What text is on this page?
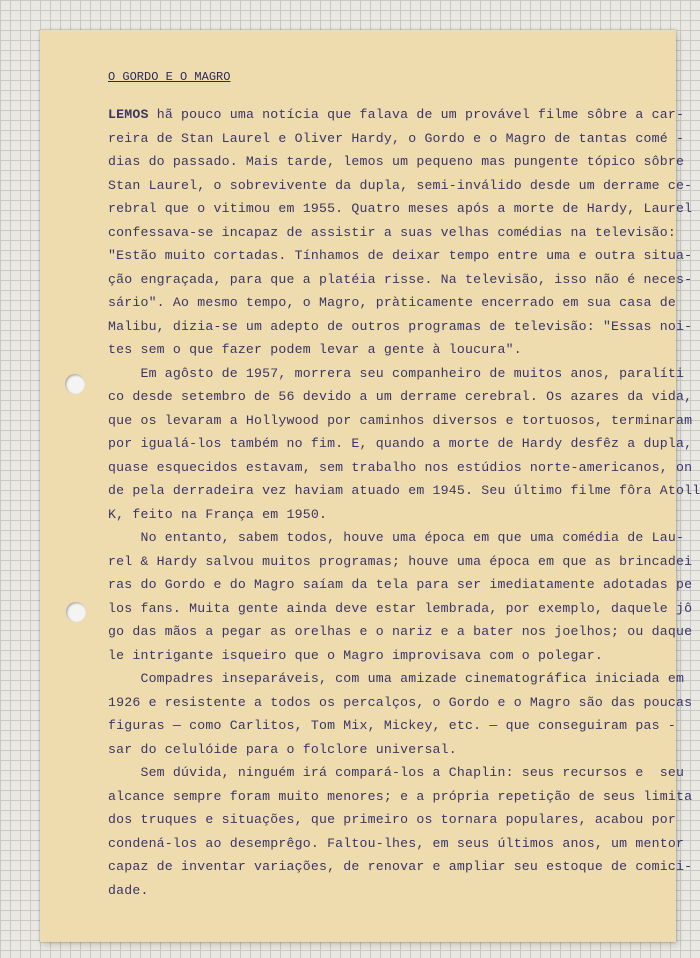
O GORDO E O MAGRO
LEMOS hã pouco uma notícia que falava de um provável filme sôbre a car-
reira de Stan Laurel e Oliver Hardy, o Gordo e o Magro de tantas comé -
dias do passado. Mais tarde, lemos um pequeno mas pungente tópico sôbre
Stan Laurel, o sobrevivente da dupla, semi-inválido desde um derrame ce-
rebral que o vitimou em 1955. Quatro meses após a morte de Hardy, Laurel
confessava-se incapaz de assistir a suas velhas comédias na televisão:
"Estão muito cortadas. Tínhamos de deixar tempo entre uma e outra situa-
ção engraçada, para que a platéia risse. Na televisão, isso não é neces-
sário". Ao mesmo tempo, o Magro, pràticamente encerrado em sua casa de
Malibu, dizia-se um adepto de outros programas de televisão: "Essas noi-
tes sem o que fazer podem levar a gente à loucura".
Em agôsto de 1957, morrera seu companheiro de muitos anos, paralíti
co desde setembro de 56 devido a um derrame cerebral. Os azares da vida,
que os levaram a Hollywood por caminhos diversos e tortuosos, terminaram
por igualá-los também no fim. E, quando a morte de Hardy desfêz a dupla,
quase esquecidos estavam, sem trabalho nos estúdios norte-americanos, on
de pela derradeira vez haviam atuado em 1945. Seu último filme fôra Atoll
K, feito na França em 1950.
No entanto, sabem todos, houve uma época em que uma comédia de Lau-
rel & Hardy salvou muitos programas; houve uma época em que as brincadei
ras do Gordo e do Magro saíam da tela para ser imediatamente adotadas pe
los fans. Muita gente ainda deve estar lembrada, por exemplo, daquele jô
go das mãos a pegar as orelhas e o nariz e a bater nos joelhos; ou daque
le intrigante isqueiro que o Magro improvisava com o polegar.
Compadres inseparáveis, com uma amizade cinematográfica iniciada em
1926 e resistente a todos os percalços, o Gordo e o Magro são das poucas
figuras — como Carlitos, Tom Mix, Mickey, etc. — que conseguiram pas -
sar do celulóide para o folclore universal.
Sem dúvida, ninguém irá compará-los a Chaplin: seus recursos e  seu
alcance sempre foram muito menores; e a própria repetição de seus limita
dos truques e situações, que primeiro os tornara populares, acabou por
condená-los ao desemprêgo. Faltou-lhes, em seus últimos anos, um mentor
capaz de inventar variações, de renovar e ampliar seu estoque de comici-
dade.
